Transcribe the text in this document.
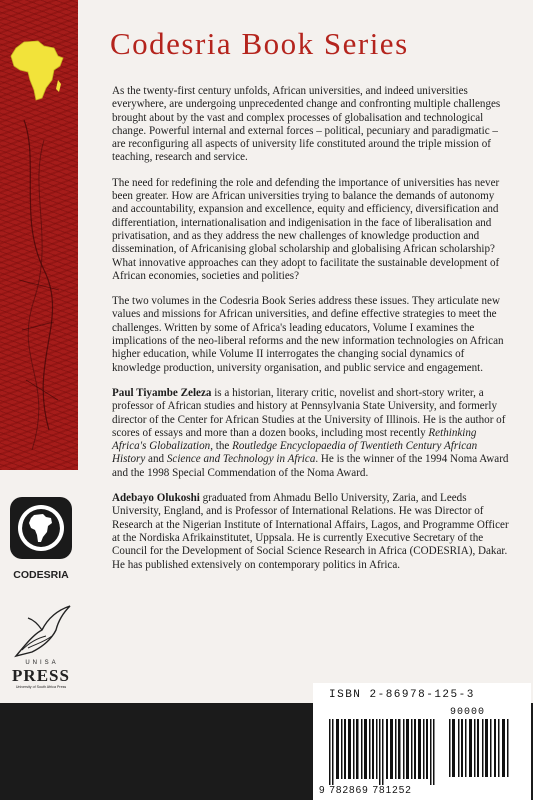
Codesria Book Series

As the twenty-first century unfolds, African universities, and indeed universities everywhere, are undergoing unprecedented change and confronting multiple challenges brought about by the vast and complex processes of globalisation and technological change. Powerful internal and external forces – political, pecuniary and paradigmatic – are reconfiguring all aspects of university life constituted around the triple mission of teaching, research and service.

The need for redefining the role and defending the importance of universities has never been greater. How are African universities trying to balance the demands of autonomy and accountability, expansion and excellence, equity and efficiency, diversification and differentiation, internationalisation and indigenisation in the face of liberalisation and privatisation, and as they address the new challenges of knowledge production and dissemination, of Africanising global scholarship and globalising African scholarship? What innovative approaches can they adopt to facilitate the sustainable development of African economies, societies and polities?

The two volumes in the Codesria Book Series address these issues. They articulate new values and missions for African universities, and define effective strategies to meet the challenges. Written by some of Africa's leading educators, Volume I examines the implications of the neo-liberal reforms and the new information technologies on African higher education, while Volume II interrogates the changing social dynamics of knowledge production, university organisation, and public service and engagement.

Paul Tiyambe Zeleza is a historian, literary critic, novelist and short-story writer, a professor of African studies and history at Pennsylvania State University, and formerly director of the Center for African Studies at the University of Illinois. He is the author of scores of essays and more than a dozen books, including most recently Rethinking Africa's Globalization, the Routledge Encyclopaedia of Twentieth Century African History and Science and Technology in Africa. He is the winner of the 1994 Noma Award and the 1998 Special Commendation of the Noma Award.

Adebayo Olukoshi graduated from Ahmadu Bello University, Zaria, and Leeds University, England, and is Professor of International Relations. He was Director of Research at the Nigerian Institute of International Affairs, Lagos, and Programme Officer at the Nordiska Afrikainstitutet, Uppsala. He is currently Executive Secretary of the Council for the Development of Social Science Research in Africa (CODESRIA), Dakar. He has published extensively on contemporary politics in Africa.

CODESRIA
UNISA
PRESS
University of South Africa Press
ISBN 2-86978-125-3
90000
9 782869 781252
